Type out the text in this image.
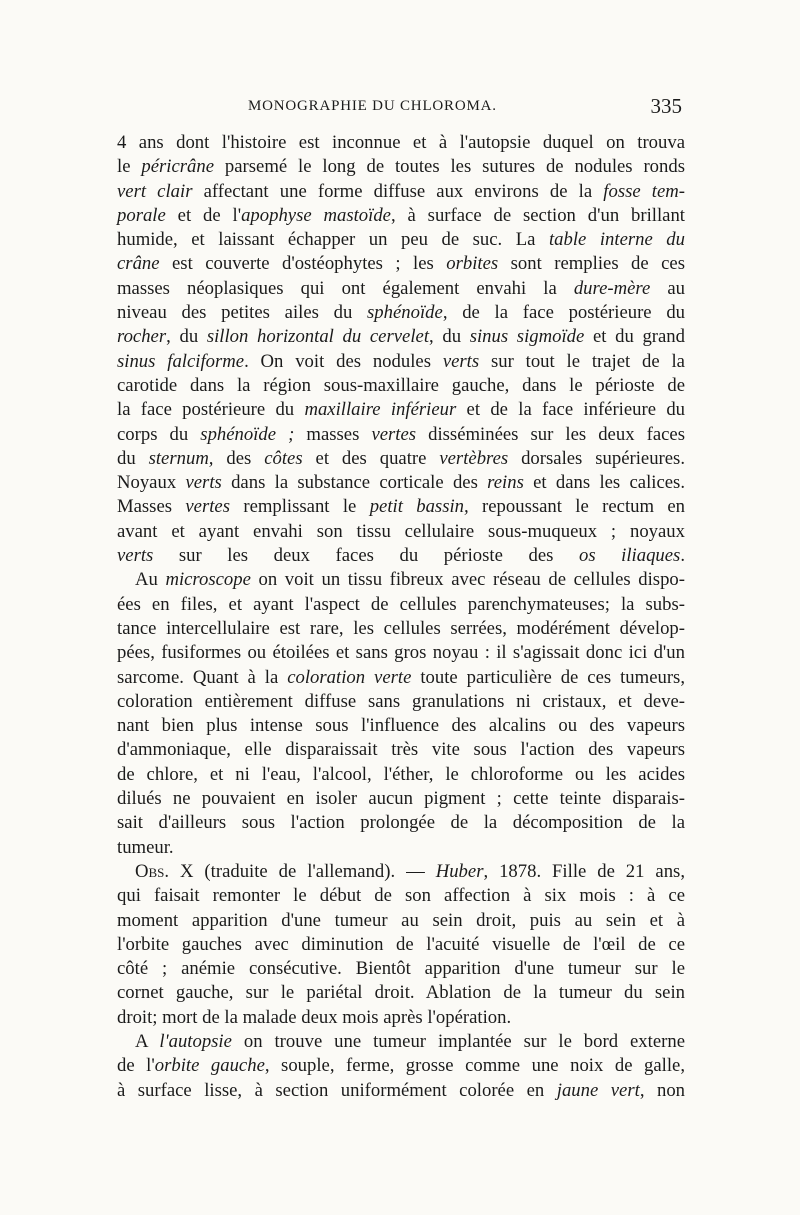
MONOGRAPHIE DU CHLOROMA.	335
4 ans dont l'histoire est inconnue et à l'autopsie duquel on trouva
le péricrâne parsemé le long de toutes les sutures de nodules ronds
vert clair affectant une forme diffuse aux environs de la fosse tem-
porale et de l'apophyse mastoïde, à surface de section d'un brillant
humide, et laissant échapper un peu de suc. La table interne du
crâne est couverte d'ostéophytes ; les orbites sont remplies de ces
masses néoplasiques qui ont également envahi la dure-mère au
niveau des petites ailes du sphénoïde, de la face postérieure du
rocher, du sillon horizontal du cervelet, du sinus sigmoïde et du grand
sinus falciforme. On voit des nodules verts sur tout le trajet de la
carotide dans la région sous-maxillaire gauche, dans le périoste de
la face postérieure du maxillaire inférieur et de la face inférieure du
corps du sphénoïde ; masses vertes disséminées sur les deux faces
du sternum, des côtes et des quatre vertèbres dorsales supérieures.
Noyaux verts dans la substance corticale des reins et dans les calices.
Masses vertes remplissant le petit bassin, repoussant le rectum en
avant et ayant envahi son tissu cellulaire sous-muqueux ; noyaux
verts sur les deux faces du périoste des os iliaques.
Au microscope on voit un tissu fibreux avec réseau de cellules dispo-
ées en files, et ayant l'aspect de cellules parenchymateuses; la subs-
tance intercellulaire est rare, les cellules serrées, modérément dévelop-
pées, fusiformes ou étoilées et sans gros noyau : il s'agissait donc ici d'un
sarcome. Quant à la coloration verte toute particulière de ces tumeurs,
coloration entièrement diffuse sans granulations ni cristaux, et deve-
nant bien plus intense sous l'influence des alcalins ou des vapeurs
d'ammoniaque, elle disparaissait très vite sous l'action des vapeurs
de chlore, et ni l'eau, l'alcool, l'éther, le chloroforme ou les acides
dilués ne pouvaient en isoler aucun pigment ; cette teinte disparais-
sait d'ailleurs sous l'action prolongée de la décomposition de la
tumeur.
Obs. X (traduite de l'allemand). — Huber, 1878. Fille de 21 ans,
qui faisait remonter le début de son affection à six mois : à ce
moment apparition d'une tumeur au sein droit, puis au sein et à
l'orbite gauches avec diminution de l'acuité visuelle de l'œil de ce
côté ; anémie consécutive. Bientôt apparition d'une tumeur sur le
cornet gauche, sur le pariétal droit. Ablation de la tumeur du sein
droit; mort de la malade deux mois après l'opération.
A l'autopsie on trouve une tumeur implantée sur le bord externe
de l'orbite gauche, souple, ferme, grosse comme une noix de galle,
à surface lisse, à section uniformément colorée en jaune vert, non
